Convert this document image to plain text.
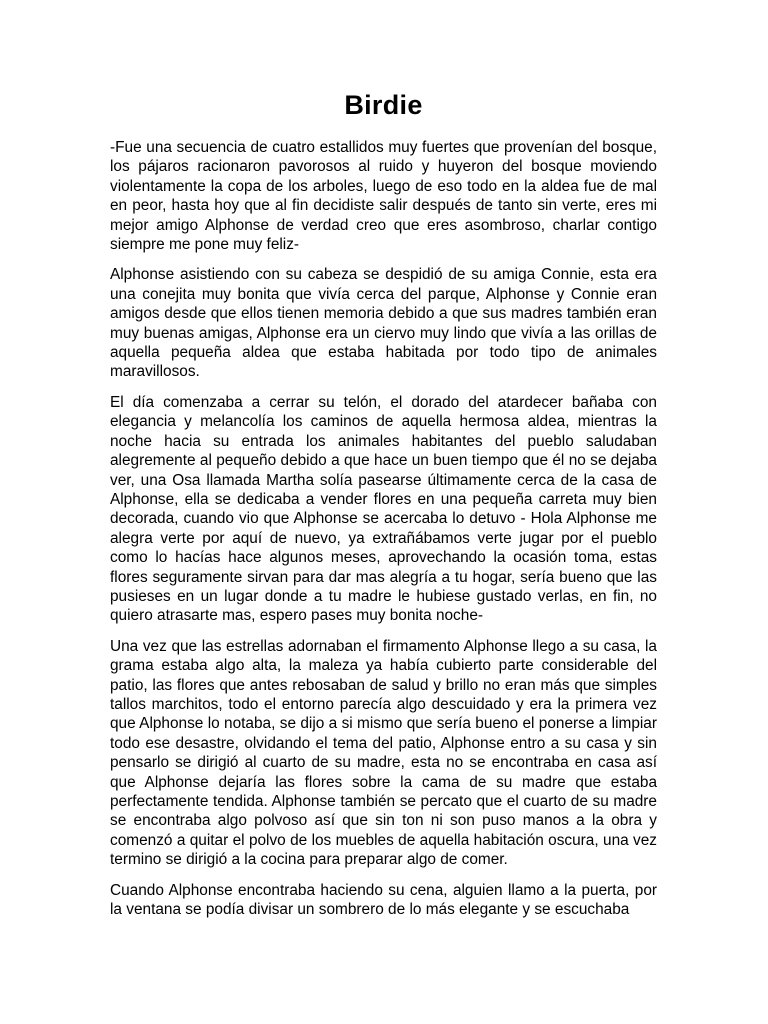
Birdie

-Fue una secuencia de cuatro estallidos muy fuertes que provenían del bosque, los pájaros racionaron pavorosos al ruido y huyeron del bosque moviendo violentamente la copa de los arboles, luego de eso todo en la aldea fue de mal en peor, hasta hoy que al fin decidiste salir después de tanto sin verte, eres mi mejor amigo Alphonse de verdad creo que eres asombroso, charlar contigo siempre me pone muy feliz-

Alphonse asistiendo con su cabeza se despidió de su amiga Connie, esta era una conejita muy bonita que vivía cerca del parque, Alphonse y Connie eran amigos desde que ellos tienen memoria debido a que sus madres también eran muy buenas amigas, Alphonse era un ciervo muy lindo que vivía a las orillas de aquella pequeña aldea que estaba habitada por todo tipo de animales maravillosos.

El día comenzaba a cerrar su telón, el dorado del atardecer bañaba con elegancia y melancolía los caminos de aquella hermosa aldea, mientras la noche hacia su entrada los animales habitantes del pueblo saludaban alegremente al pequeño debido a que hace un buen tiempo que él no se dejaba ver, una Osa llamada Martha solía pasearse últimamente cerca de la casa de Alphonse, ella se dedicaba a vender flores en una pequeña carreta muy bien decorada, cuando vio que Alphonse se acercaba lo detuvo - Hola Alphonse me alegra verte por aquí de nuevo, ya extrañábamos verte jugar por el pueblo como lo hacías hace algunos meses, aprovechando la ocasión toma, estas flores seguramente sirvan para dar mas alegría a tu hogar, sería bueno que las pusieses en un lugar donde a tu madre le hubiese gustado verlas, en fin, no quiero atrasarte mas, espero pases muy bonita noche-

Una vez que las estrellas adornaban el firmamento Alphonse llego a su casa, la grama estaba algo alta, la maleza ya había cubierto parte considerable del patio, las flores que antes rebosaban de salud y brillo no eran más que simples tallos marchitos, todo el entorno parecía algo descuidado y era la primera vez que Alphonse lo notaba, se dijo a si mismo que sería bueno el ponerse a limpiar todo ese desastre, olvidando el tema del patio, Alphonse entro a su casa y sin pensarlo se dirigió al cuarto de su madre, esta no se encontraba en casa así que Alphonse dejaría las flores sobre la cama de su madre que estaba perfectamente tendida. Alphonse también se percato que el cuarto de su madre se encontraba algo polvoso así que sin ton ni son puso manos a la obra y comenzó a quitar el polvo de los muebles de aquella habitación oscura, una vez termino se dirigió a la cocina para preparar algo de comer.

Cuando Alphonse encontraba haciendo su cena, alguien llamo a la puerta, por la ventana se podía divisar un sombrero de lo más elegante y se escuchaba
